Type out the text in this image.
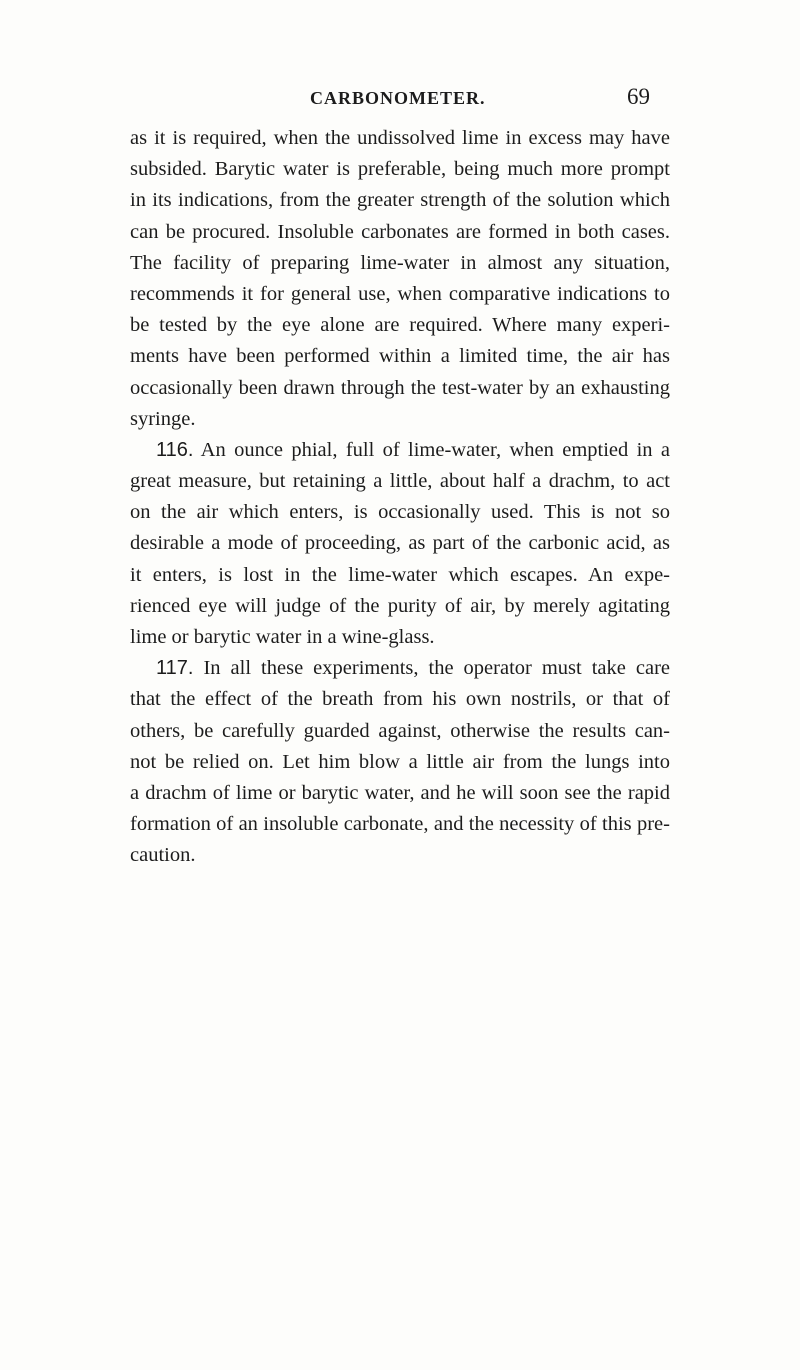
CARBONOMETER.	69
as it is required, when the undissolved lime in excess may have
subsided. Barytic water is preferable, being much more prompt
in its indications, from the greater strength of the solution which
can be procured. Insoluble carbonates are formed in both cases.
The facility of preparing lime-water in almost any situation,
recommends it for general use, when comparative indications to
be tested by the eye alone are required. Where many experi-
ments have been performed within a limited time, the air has
occasionally been drawn through the test-water by an exhausting
syringe.
116. An ounce phial, full of lime-water, when emptied in a
great measure, but retaining a little, about half a drachm, to act
on the air which enters, is occasionally used. This is not so
desirable a mode of proceeding, as part of the carbonic acid, as
it enters, is lost in the lime-water which escapes. An expe-
rienced eye will judge of the purity of air, by merely agitating
lime or barytic water in a wine-glass.
117. In all these experiments, the operator must take care
that the effect of the breath from his own nostrils, or that of
others, be carefully guarded against, otherwise the results can-
not be relied on. Let him blow a little air from the lungs into
a drachm of lime or barytic water, and he will soon see the rapid
formation of an insoluble carbonate, and the necessity of this pre-
caution.
